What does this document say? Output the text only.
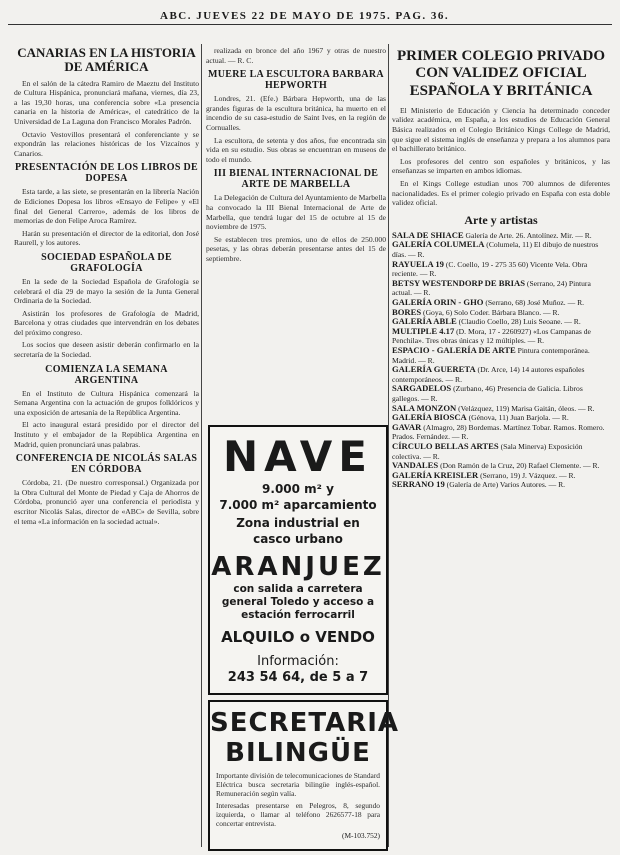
ABC. JUEVES 22 DE MAYO DE 1975. PAG. 36.
CANARIAS EN LA HISTORIA DE AMÉRICA

En el salón de la cátedra Ramiro de Maeztu del Instituto de Cultura Hispánica, pronunciará mañana, viernes, día 23, a las 19,30 horas, una conferencia sobre «La presencia canaria en la historia de América», el catedrático de la Universidad de La Laguna don Francisco Morales Padrón.

Octavio Vestovillos presentará el conferenciante y se expondrán las relaciones históricas de los Vizcaínos y Canarios.

PRESENTACIÓN DE LOS LIBROS DE DOPESA

Esta tarde, a las siete, se presentarán en la librería Nación de Ediciones Dopesa los libros «Ensayo de Felipe» y «El final del General Carrero», además de los libros de memorias de don Felipe Aroca Ramírez.

Harán su presentación el director de la editorial, don José Raurell, y los autores.

SOCIEDAD ESPAÑOLA DE GRAFOLOGÍA

En la sede de la Sociedad Española de Grafología se celebrará el día 29 de mayo la sesión de la Junta General Ordinaria de la Sociedad.

Asistirán los profesores de Grafología de Madrid, Barcelona y otras ciudades que intervendrán en los debates del próximo congreso.

Los socios que deseen asistir deberán confirmarlo en la secretaría de la Sociedad.

COMIENZA LA SEMANA ARGENTINA

En el Instituto de Cultura Hispánica comenzará la Semana Argentina con la actuación de grupos folklóricos y una exposición de artesanía de la República Argentina.

El acto inaugural estará presidido por el director del Instituto y el embajador de la República Argentina en Madrid, quien pronunciará unas palabras.

CONFERENCIA DE NICOLÁS SALAS EN CÓRDOBA

Córdoba, 21. (De nuestro corresponsal.) Organizada por la Obra Cultural del Monte de Piedad y Caja de Ahorros de Córdoba, pronunció ayer una conferencia el periodista y escritor Nicolás Salas, director de «ABC» de Sevilla, sobre el tema «La información en la sociedad actual».

realizada en bronce del año 1967 y otras de nuestro actual. — R. C.

MUERE LA ESCULTORA BARBARA HEPWORTH

Londres, 21. (Efe.) Bárbara Hepworth, una de las grandes figuras de la escultura británica, ha muerto en el incendio de su casa-estudio de Saint Ives, en la región de Cornualles.

La escultora, de setenta y dos años, fue encontrada sin vida en su estudio. Sus obras se encuentran en museos de todo el mundo.

III BIENAL INTERNACIONAL DE ARTE DE MARBELLA

La Delegación de Cultura del Ayuntamiento de Marbella ha convocado la III Bienal Internacional de Arte de Marbella, que tendrá lugar del 15 de octubre al 15 de noviembre de 1975.

Se establecen tres premios, uno de ellos de 250.000 pesetas, y las obras deberán presentarse antes del 15 de septiembre.

NAVE
9.000 m² y
7.000 m² aparcamiento
Zona industrial en casco urbano
ARANJUEZ
con salida a carretera general Toledo y acceso a estación ferrocarril
ALQUILO o VENDO
Información:
243 54 64, de 5 a 7
SECRETARIA BILINGÜE

Importante división de telecomunicaciones de Standard Eléctrica busca secretaria bilingüe inglés-español. Remuneración según valía.

Interesadas presentarse en Pelegros, 8, segundo izquierda, o llamar al teléfono 2626577-18 para concertar entrevista.

(M-103.752)
PRIMER COLEGIO PRIVADO CON VALIDEZ OFICIAL ESPAÑOLA Y BRITÁNICA

El Ministerio de Educación y Ciencia ha determinado conceder validez académica, en España, a los estudios de Educación General Básica realizados en el Colegio Británico Kings College de Madrid, que sigue el sistema inglés de enseñanza y prepara a los alumnos para el bachillerato británico.

Los profesores del centro son españoles y británicos, y las enseñanzas se imparten en ambos idiomas.

En el Kings College estudian unos 700 alumnos de diferentes nacionalidades. Es el primer colegio privado en España con esta doble validez oficial.

Arte y artistas
SALA DE SHIACE Galería de Arte. 26. Antolínez. Mir. — R.
GALERÍA COLUMELA (Columela, 11) El dibujo de nuestros días. — R.
RAYUELA 19 (C. Coello, 19 - 275 35 60) Vicente Vela. Obra reciente. — R.
BETSY WESTENDORP DE BRIAS (Serrano, 24) Pintura actual. — R.
GALERÍA ORIN - GHO (Serrano, 68) José Muñoz. — R.
BORES (Goya, 6) Solo Coder. Bárbara Blanco. — R.
GALERÍA ABLE (Claudio Coello, 28) Luis Seoane. — R.
MULTIPLE 4.17 (D. Mora, 17 - 2260927) «Los Campanas de Penchila». Tres obras únicas y 12 múltiples. — R.
ESPACIO - GALERÍA DE ARTE Pintura contemporánea. Madrid. — R.
GALERÍA GUERETA (Dr. Arce, 14) 14 autores españoles contemporáneos. — R.
SARGADELOS (Zurbano, 46) Presencia de Galicia. Libros gallegos. — R.
SALA MONZON (Velázquez, 119) Marisa Gaitán, óleos. — R.
GALERÍA BIOSCA (Génova, 11) Juan Barjola. — R.
GAVAR (Almagro, 28) Bordemas. Martínez Tobar. Ramos. Romero. Prados. Fernández. — R.
CÍRCULO BELLAS ARTES (Sala Minerva) Exposición colectiva. — R.
VANDALES (Don Ramón de la Cruz, 20) Rafael Clemente. — R.
GALERÍA KREISLER (Serrano, 19) J. Vázquez. — R.
SERRANO 19 (Galería de Arte) Varios Autores. — R.
